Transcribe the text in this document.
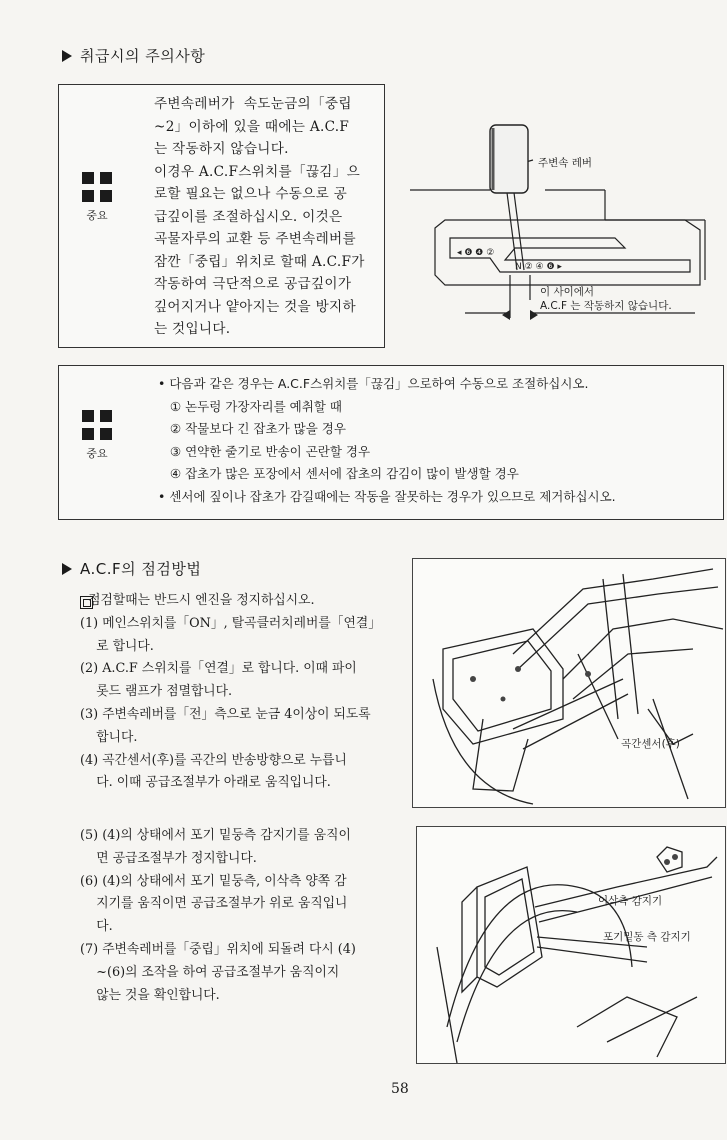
취급시의 주의사항
중요
주변속레버가  속도눈금의「중립
~2」이하에 있을 때에는 A.C.F
는 작동하지 않습니다.
이경우 A.C.F스위치를「끊김」으
로할 필요는 없으나 수동으로 공
급깊이를 조절하십시오. 이것은
곡물자루의 교환 등 주변속레버를
잠깐「중립」위치로 할때 A.C.F가
작동하여 극단적으로 공급깊이가
깊어지거나 얕아지는 것을 방지하
는 것입니다.
◂ ❻ ❹ ②
N ② ④ ❻ ▸
주변속 레버
이 사이에서
A.C.F 는 작동하지 않습니다.
중요
• 다음과 같은 경우는 A.C.F스위치를「끊김」으로하여 수동으로 조절하십시오.
① 논두렁 가장자리를 예취할 때
② 작물보다 긴 잡초가 많을 경우
③ 연약한 줄기로 반송이 곤란할 경우
④ 잡초가 많은 포장에서 센서에 잡초의 감김이 많이 발생할 경우
• 센서에 짚이나 잡초가 감길때에는 작동을 잘못하는 경우가 있으므로 제거하십시오.
A.C.F의 점검방법
점검할때는 반드시 엔진을 정지하십시오.
(1) 메인스위치를「ON」, 탈곡클러치레버를「연결」
로 합니다.
(2) A.C.F 스위치를「연결」로 합니다. 이때 파이
롯드 램프가 점멸합니다.
(3) 주변속레버를「전」측으로 눈금 4이상이 되도록
합니다.
(4) 곡간센서(후)를 곡간의 반송방향으로 누릅니
다. 이때 공급조절부가 아래로 움직입니다.
곡간센서(후)
(5) (4)의 상태에서 포기 밑둥측 감지기를 움직이
면 공급조절부가 정지합니다.
(6) (4)의 상태에서 포기 밑둥측, 이삭측 양쪽 감
지기를 움직이면 공급조절부가 위로 움직입니
다.
(7) 주변속레버를「중립」위치에 되돌려 다시 (4)
~(6)의 조작을 하여 공급조절부가 움직이지
않는 것을 확인합니다.
이삭측 감지기
포기밑동 측 감지기
58
